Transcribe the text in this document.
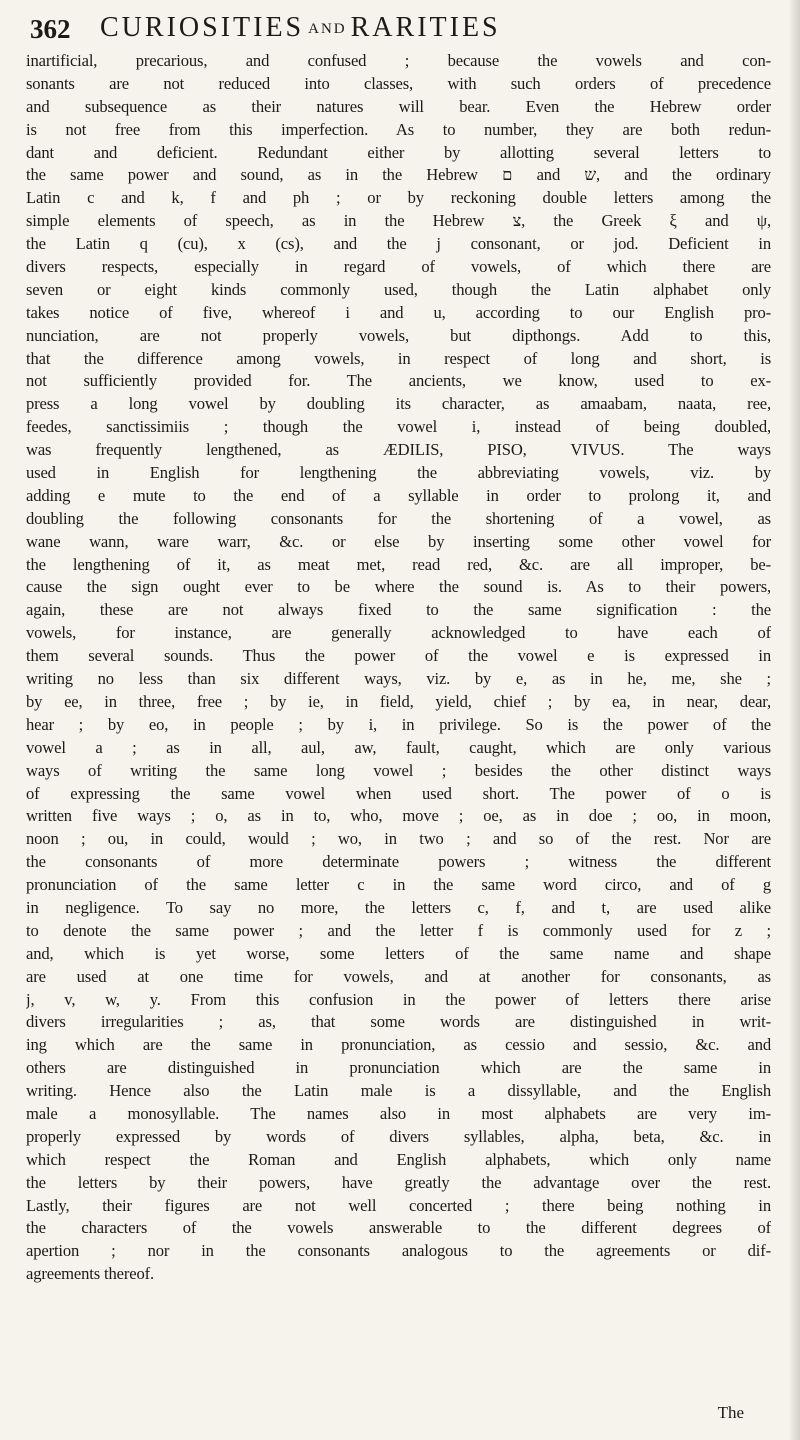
362 CURIOSITIES AND RARITIES
inartificial, precarious, and confused ; because the vowels and con-
sonants are not reduced into classes, with such orders of precedence
and subsequence as their natures will bear. Even the Hebrew order
is not free from this imperfection. As to number, they are both redun-
dant and deficient. Redundant either by allotting several letters to
the same power and sound, as in the Hebrew ם and ש, and the ordinary
Latin c and k, f and ph ; or by reckoning double letters among the
simple elements of speech, as in the Hebrew צ, the Greek ξ and ψ,
the Latin q (cu), x (cs), and the j consonant, or jod. Deficient in
divers respects, especially in regard of vowels, of which there are
seven or eight kinds commonly used, though the Latin alphabet only
takes notice of five, whereof i and u, according to our English pro-
nunciation, are not properly vowels, but dipthongs. Add to this,
that the difference among vowels, in respect of long and short, is
not sufficiently provided for. The ancients, we know, used to ex-
press a long vowel by doubling its character, as amaabam, naata, ree,
feedes, sanctissimiis ; though the vowel i, instead of being doubled,
was frequently lengthened, as ÆDILIS, PISO, VIVUS. The ways
used in English for lengthening the abbreviating vowels, viz. by
adding e mute to the end of a syllable in order to prolong it, and
doubling the following consonants for the shortening of a vowel, as
wane wann, ware warr, &c. or else by inserting some other vowel for
the lengthening of it, as meat met, read red, &c. are all improper, be-
cause the sign ought ever to be where the sound is. As to their powers,
again, these are not always fixed to the same signification : the
vowels, for instance, are generally acknowledged to have each of
them several sounds. Thus the power of the vowel e is expressed in
writing no less than six different ways, viz. by e, as in he, me, she ;
by ee, in three, free ; by ie, in field, yield, chief ; by ea, in near, dear,
hear ; by eo, in people ; by i, in privilege. So is the power of the
vowel a ; as in all, aul, aw, fault, caught, which are only various
ways of writing the same long vowel ; besides the other distinct ways
of expressing the same vowel when used short. The power of o is
written five ways ; o, as in to, who, move ; oe, as in doe ; oo, in moon,
noon ; ou, in could, would ; wo, in two ; and so of the rest. Nor are
the consonants of more determinate powers ; witness the different
pronunciation of the same letter c in the same word circo, and of g
in negligence. To say no more, the letters c, f, and t, are used alike
to denote the same power ; and the letter f is commonly used for z ;
and, which is yet worse, some letters of the same name and shape
are used at one time for vowels, and at another for consonants, as
j, v, w, y. From this confusion in the power of letters there arise
divers irregularities ; as, that some words are distinguished in writ-
ing which are the same in pronunciation, as cessio and sessio, &c. and
others are distinguished in pronunciation which are the same in
writing. Hence also the Latin male is a dissyllable, and the English
male a monosyllable. The names also in most alphabets are very im-
properly expressed by words of divers syllables, alpha, beta, &c. in
which respect the Roman and English alphabets, which only name
the letters by their powers, have greatly the advantage over the rest.
Lastly, their figures are not well concerted ; there being nothing in
the characters of the vowels answerable to the different degrees of
apertion ; nor in the consonants analogous to the agreements or dif-
agreements thereof.
The
